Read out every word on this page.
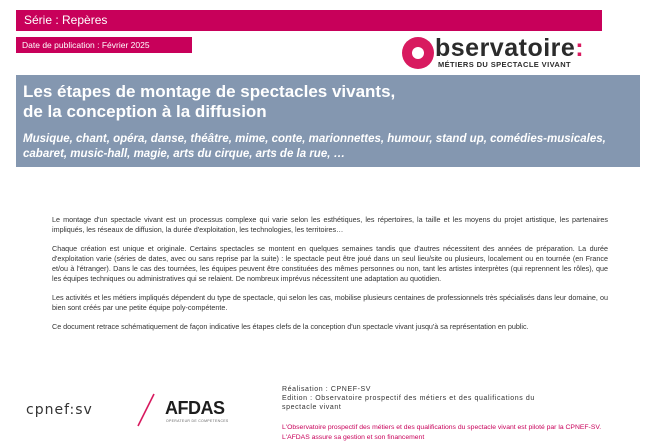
Série : Repères
Date de publication : Février 2025	bservatoire:
MÉTIERS DU SPECTACLE VIVANT
Les étapes de montage de spectacles vivants,
de la conception à la diffusion
Musique, chant, opéra, danse, théâtre, mime, conte, marionnettes, humour, stand up, comédies-musicales, cabaret, music-hall, magie, arts du cirque, arts de la rue, …

Le montage d'un spectacle vivant est un processus complexe qui varie selon les esthétiques, les répertoires, la taille et les moyens du projet artistique, les partenaires impliqués, les réseaux de diffusion, la durée d'exploitation, les technologies, les territoires…

Chaque création est unique et originale. Certains spectacles se montent en quelques semaines tandis que d'autres nécessitent des années de préparation. La durée d'exploitation varie (séries de dates, avec ou sans reprise par la suite) : le spectacle peut être joué dans un seul lieu/site ou plusieurs, localement ou en tournée (en France et/ou à l'étranger). Dans le cas des tournées, les équipes peuvent être constituées des mêmes personnes ou non, tant les artistes interprètes (qui reprennent les rôles), que les équipes techniques ou administratives qui se relaient. De nombreux imprévus nécessitent une adaptation au quotidien.

Les activités et les métiers impliqués dépendent du type de spectacle, qui selon les cas, mobilise plusieurs centaines de professionnels très spécialisés dans leur domaine, ou bien sont créés par une petite équipe poly-compétente.

Ce document retrace schématiquement de façon indicative les étapes clefs de la conception d'un spectacle vivant jusqu'à sa représentation en public.

cpnef:sv	AFDAS
OPERATEUR DE COMPETENCES
Réalisation : CPNEF-SV
Edition : Observatoire prospectif des métiers et des qualifications du
spectacle vivant
L'Observatoire prospectif des métiers et des qualifications du spectacle vivant est piloté par la CPNEF-SV. L'AFDAS assure sa gestion et son financement
